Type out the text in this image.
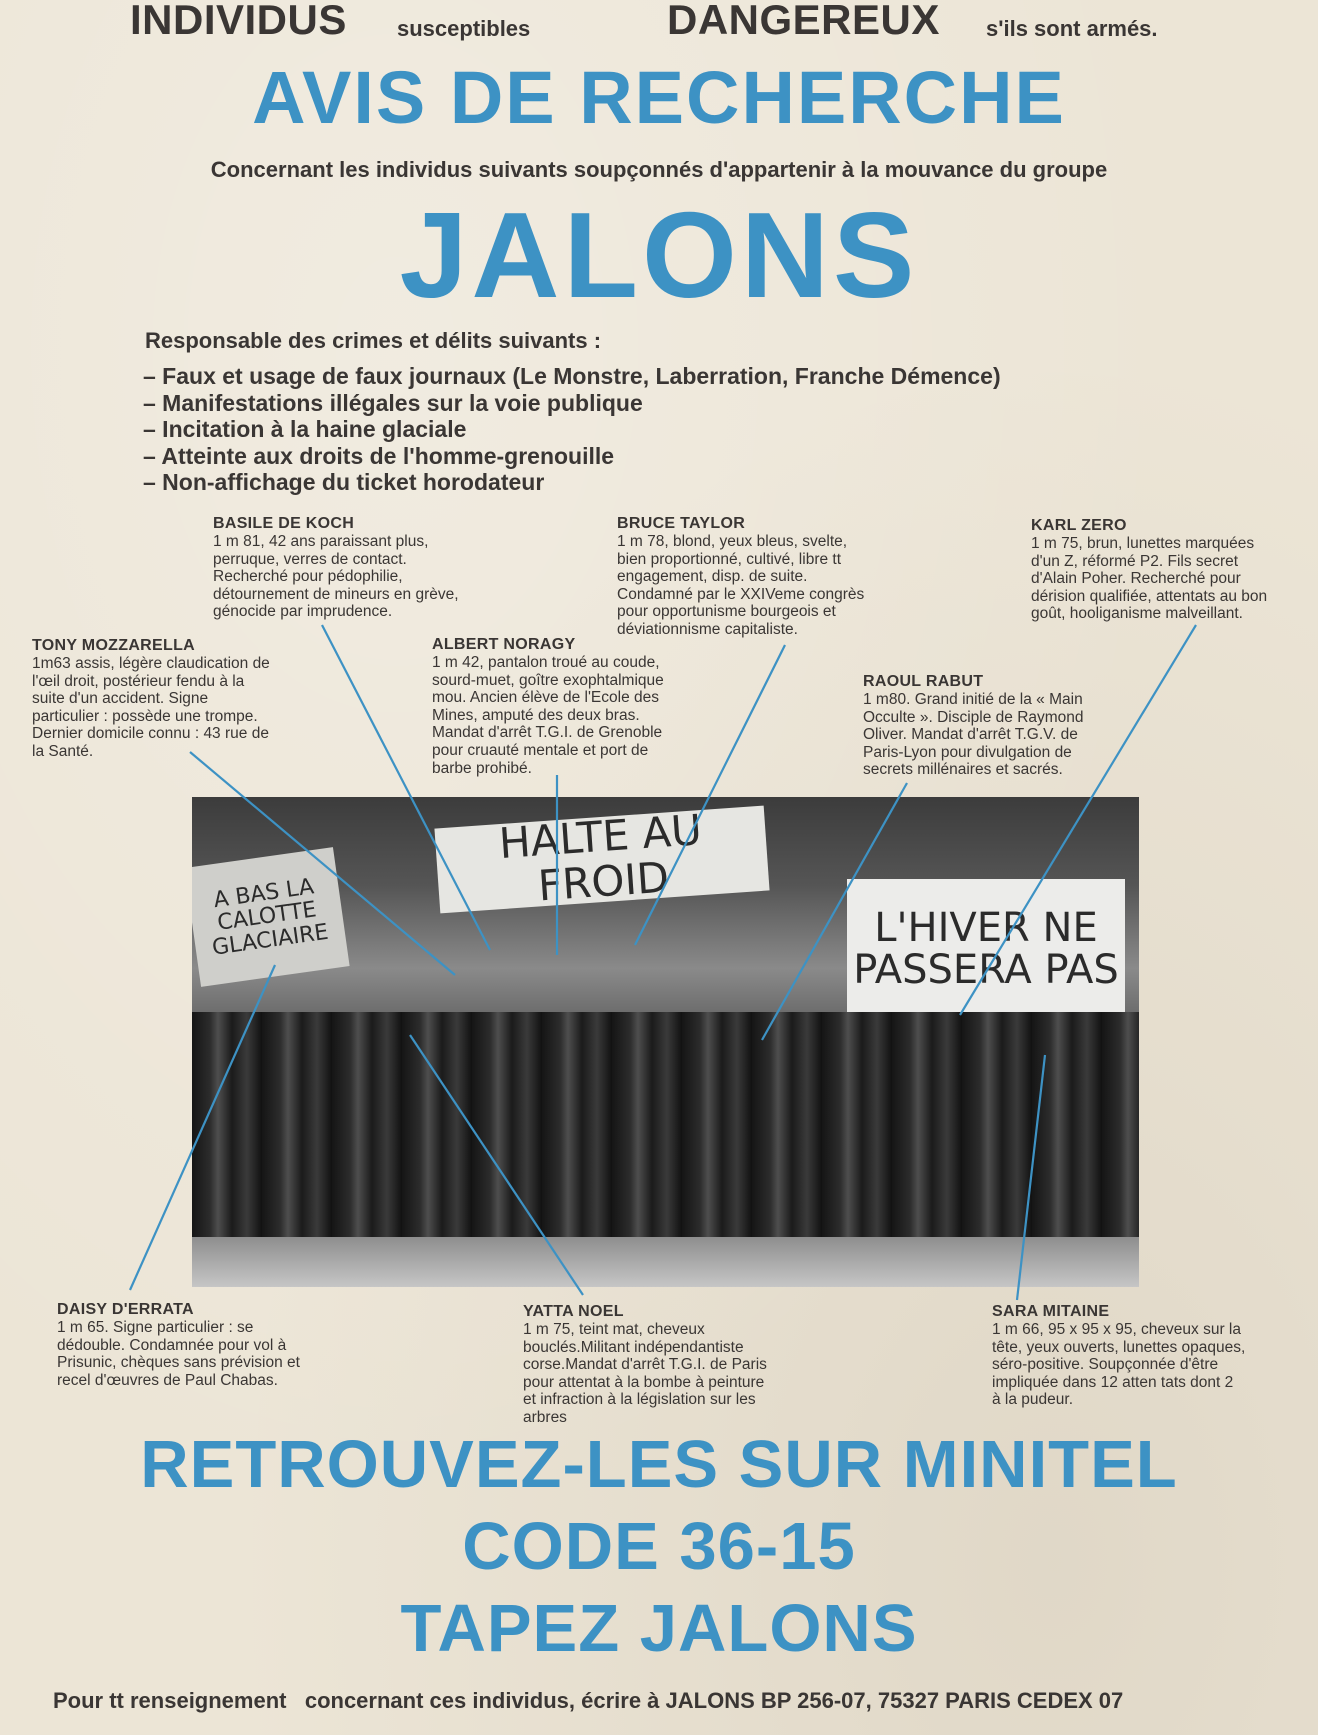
INDIVIDUS susceptibles	DANGEREUX s'ils sont armés.
AVIS DE RECHERCHE
Concernant les individus suivants soupçonnés d'appartenir à la mouvance du groupe
JALONS
Responsable des crimes et délits suivants :
– Faux et usage de faux journaux (Le Monstre, Laberration, Franche Démence)
– Manifestations illégales sur la voie publique
– Incitation à la haine glaciale
– Atteinte aux droits de l'homme-grenouille
– Non-affichage du ticket horodateur
BASILE DE KOCH
1 m 81, 42 ans paraissant plus,
perruque, verres de contact.
Recherché pour pédophilie,
détournement de mineurs en grève,
génocide par imprudence.
BRUCE TAYLOR
1 m 78, blond, yeux bleus, svelte,
bien proportionné, cultivé, libre tt
engagement, disp. de suite.
Condamné par le XXIVeme congrès
pour opportunisme bourgeois et
déviationnisme capitaliste.
KARL ZERO
1 m 75, brun, lunettes marquées
d'un Z, réformé P2. Fils secret
d'Alain Poher. Recherché pour
dérision qualifiée, attentats au bon
goût, hooliganisme malveillant.
TONY MOZZARELLA
1m63 assis, légère claudication de
l'œil droit, postérieur fendu à la
suite d'un accident. Signe
particulier : possède une trompe.
Dernier domicile connu : 43 rue de
la Santé.
ALBERT NORAGY
1 m 42, pantalon troué au coude,
sourd-muet, goître exophtalmique
mou. Ancien élève de l'Ecole des
Mines, amputé des deux bras.
Mandat d'arrêt T.G.I. de Grenoble
pour cruauté mentale et port de
barbe prohibé.
RAOUL RABUT
1 m80. Grand initié de la « Main
Occulte ». Disciple de Raymond
Oliver. Mandat d'arrêt T.G.V. de
Paris-Lyon pour divulgation de
secrets millénaires et sacrés.
A BAS LA
CALOTTE
GLACIAIRE
HALTE AU FROID
L'HIVER NE
PASSERA PAS
DAISY D'ERRATA
1 m 65. Signe particulier : se
dédouble. Condamnée pour vol à
Prisunic, chèques sans prévision et
recel d'œuvres de Paul Chabas.
YATTA NOEL
1 m 75, teint mat, cheveux
bouclés.Militant indépendantiste
corse.Mandat d'arrêt T.G.I. de Paris
pour attentat à la bombe à peinture
et infraction à la législation sur les
arbres
SARA MITAINE
1 m 66, 95 x 95 x 95, cheveux sur la
tête, yeux ouverts, lunettes opaques,
séro-positive. Soupçonnée d'être
impliquée dans 12 atten tats dont 2
à la pudeur.
RETROUVEZ-LES SUR MINITEL
CODE 36-15
TAPEZ JALONS
Pour tt renseignement concernant ces individus, écrire à JALONS BP 256-07, 75327 PARIS CEDEX 07
